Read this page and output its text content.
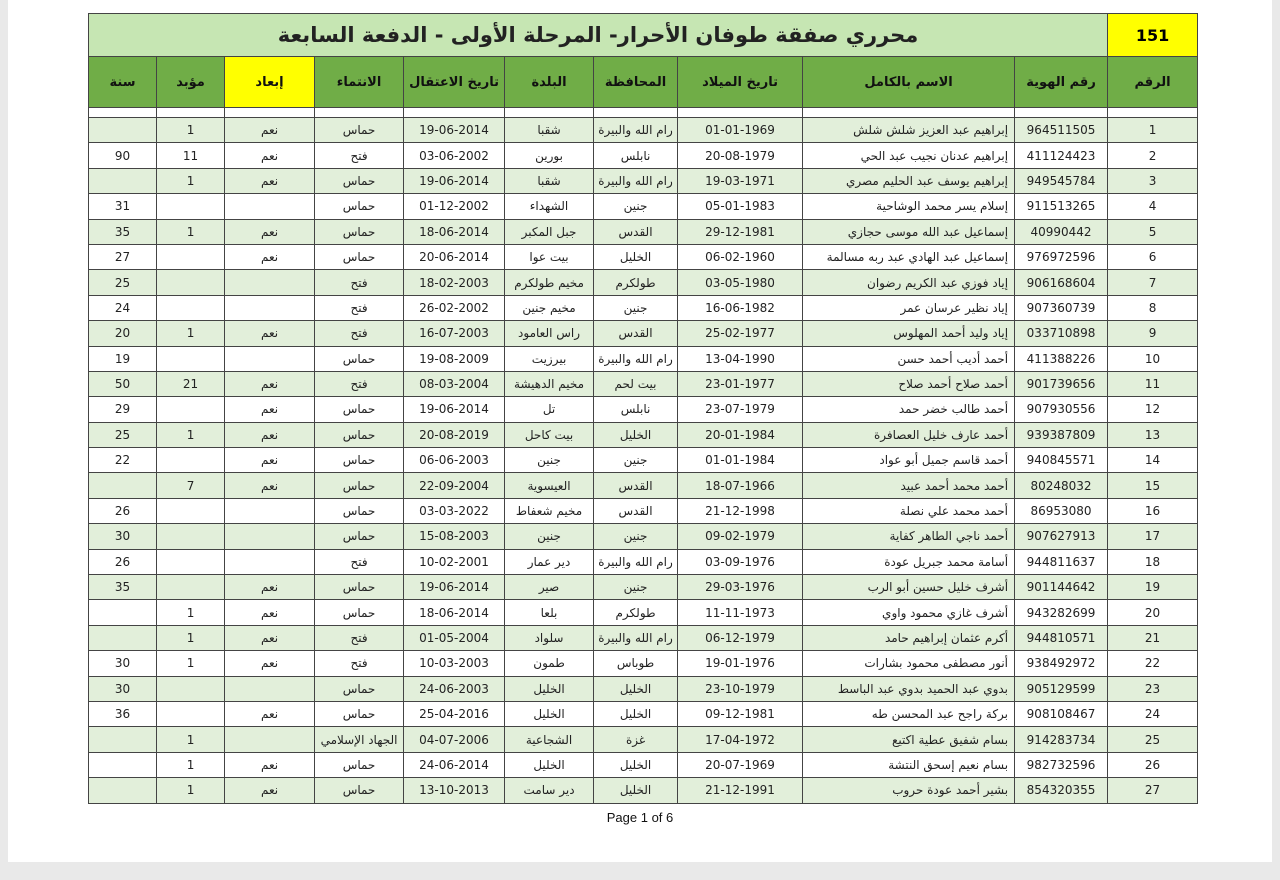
151	محرري صفقة طوفان الأحرار- المرحلة الأولى - الدفعة السابعة									
الرقم	رقم الهوية	الاسم بالكامل	تاريخ الميلاد	المحافظة	البلدة	تاريخ الاعتقال	الانتماء	إبعاد	مؤبد	سنة

1	964511505	إبراهيم عبد العزيز شلش شلش	01-01-1969	رام الله والبيرة	شقبا	19-06-2014	حماس	نعم	1	
2	411124423	إبراهيم عدنان نجيب عبد الحي	20-08-1979	نابلس	بورين	03-06-2002	فتح	نعم	11	90
3	949545784	إبراهيم يوسف عبد الحليم مصري	19-03-1971	رام الله والبيرة	شقبا	19-06-2014	حماس	نعم	1	
4	911513265	إسلام يسر محمد الوشاحية	05-01-1983	جنين	الشهداء	01-12-2002	حماس			31
5	40990442	إسماعيل عبد الله موسى حجازي	29-12-1981	القدس	جبل المكبر	18-06-2014	حماس	نعم	1	35
6	976972596	إسماعيل عبد الهادي عبد ربه مسالمة	06-02-1960	الخليل	بيت عوا	20-06-2014	حماس	نعم		27
7	906168604	إياد فوزي عبد الكريم رضوان	03-05-1980	طولكرم	مخيم طولكرم	18-02-2003	فتح			25
8	907360739	إياد نظير عرسان عمر	16-06-1982	جنين	مخيم جنين	26-02-2002	فتح			24
9	033710898	إياد وليد أحمد المهلوس	25-02-1977	القدس	راس العامود	16-07-2003	فتح	نعم	1	20
10	411388226	أحمد أديب أحمد حسن	13-04-1990	رام الله والبيرة	بيرزيت	19-08-2009	حماس			19
11	901739656	أحمد صلاح أحمد صلاح	23-01-1977	بيت لحم	مخيم الدهيشة	08-03-2004	فتح	نعم	21	50
12	907930556	أحمد طالب خضر حمد	23-07-1979	نابلس	تل	19-06-2014	حماس	نعم		29
13	939387809	أحمد عارف خليل العصافرة	20-01-1984	الخليل	بيت كاحل	20-08-2019	حماس	نعم	1	25
14	940845571	أحمد قاسم جميل أبو عواد	01-01-1984	جنين	جنين	06-06-2003	حماس	نعم		22
15	80248032	أحمد محمد أحمد عبيد	18-07-1966	القدس	العيسوية	22-09-2004	حماس	نعم	7	
16	86953080	أحمد محمد علي نصلة	21-12-1998	القدس	مخيم شعفاط	03-03-2022	حماس			26
17	907627913	أحمد ناجي الطاهر كفاية	09-02-1979	جنين	جنين	15-08-2003	حماس			30
18	944811637	أسامة محمد جبريل عودة	03-09-1976	رام الله والبيرة	دير عمار	10-02-2001	فتح			26
19	901144642	أشرف خليل حسين أبو الرب	29-03-1976	جنين	صير	19-06-2014	حماس	نعم		35
20	943282699	أشرف غازي محمود واوي	11-11-1973	طولكرم	بلعا	18-06-2014	حماس	نعم	1	
21	944810571	أكرم عثمان إبراهيم حامد	06-12-1979	رام الله والبيرة	سلواد	01-05-2004	فتح	نعم	1	
22	938492972	أنور مصطفى محمود بشارات	19-01-1976	طوباس	طمون	10-03-2003	فتح	نعم	1	30
23	905129599	بدوي عبد الحميد بدوي عبد الباسط	23-10-1979	الخليل	الخليل	24-06-2003	حماس			30
24	908108467	بركة راجح عبد المحسن طه	09-12-1981	الخليل	الخليل	25-04-2016	حماس	نعم		36
25	914283734	بسام شفيق عطية اكتيع	17-04-1972	غزة	الشجاعية	04-07-2006	الجهاد الإسلامي		1	
26	982732596	بسام نعيم إسحق النتشة	20-07-1969	الخليل	الخليل	24-06-2014	حماس	نعم	1	
27	854320355	بشير أحمد عودة حروب	21-12-1991	الخليل	دير سامت	13-10-2013	حماس	نعم	1	
Page 1 of 6
